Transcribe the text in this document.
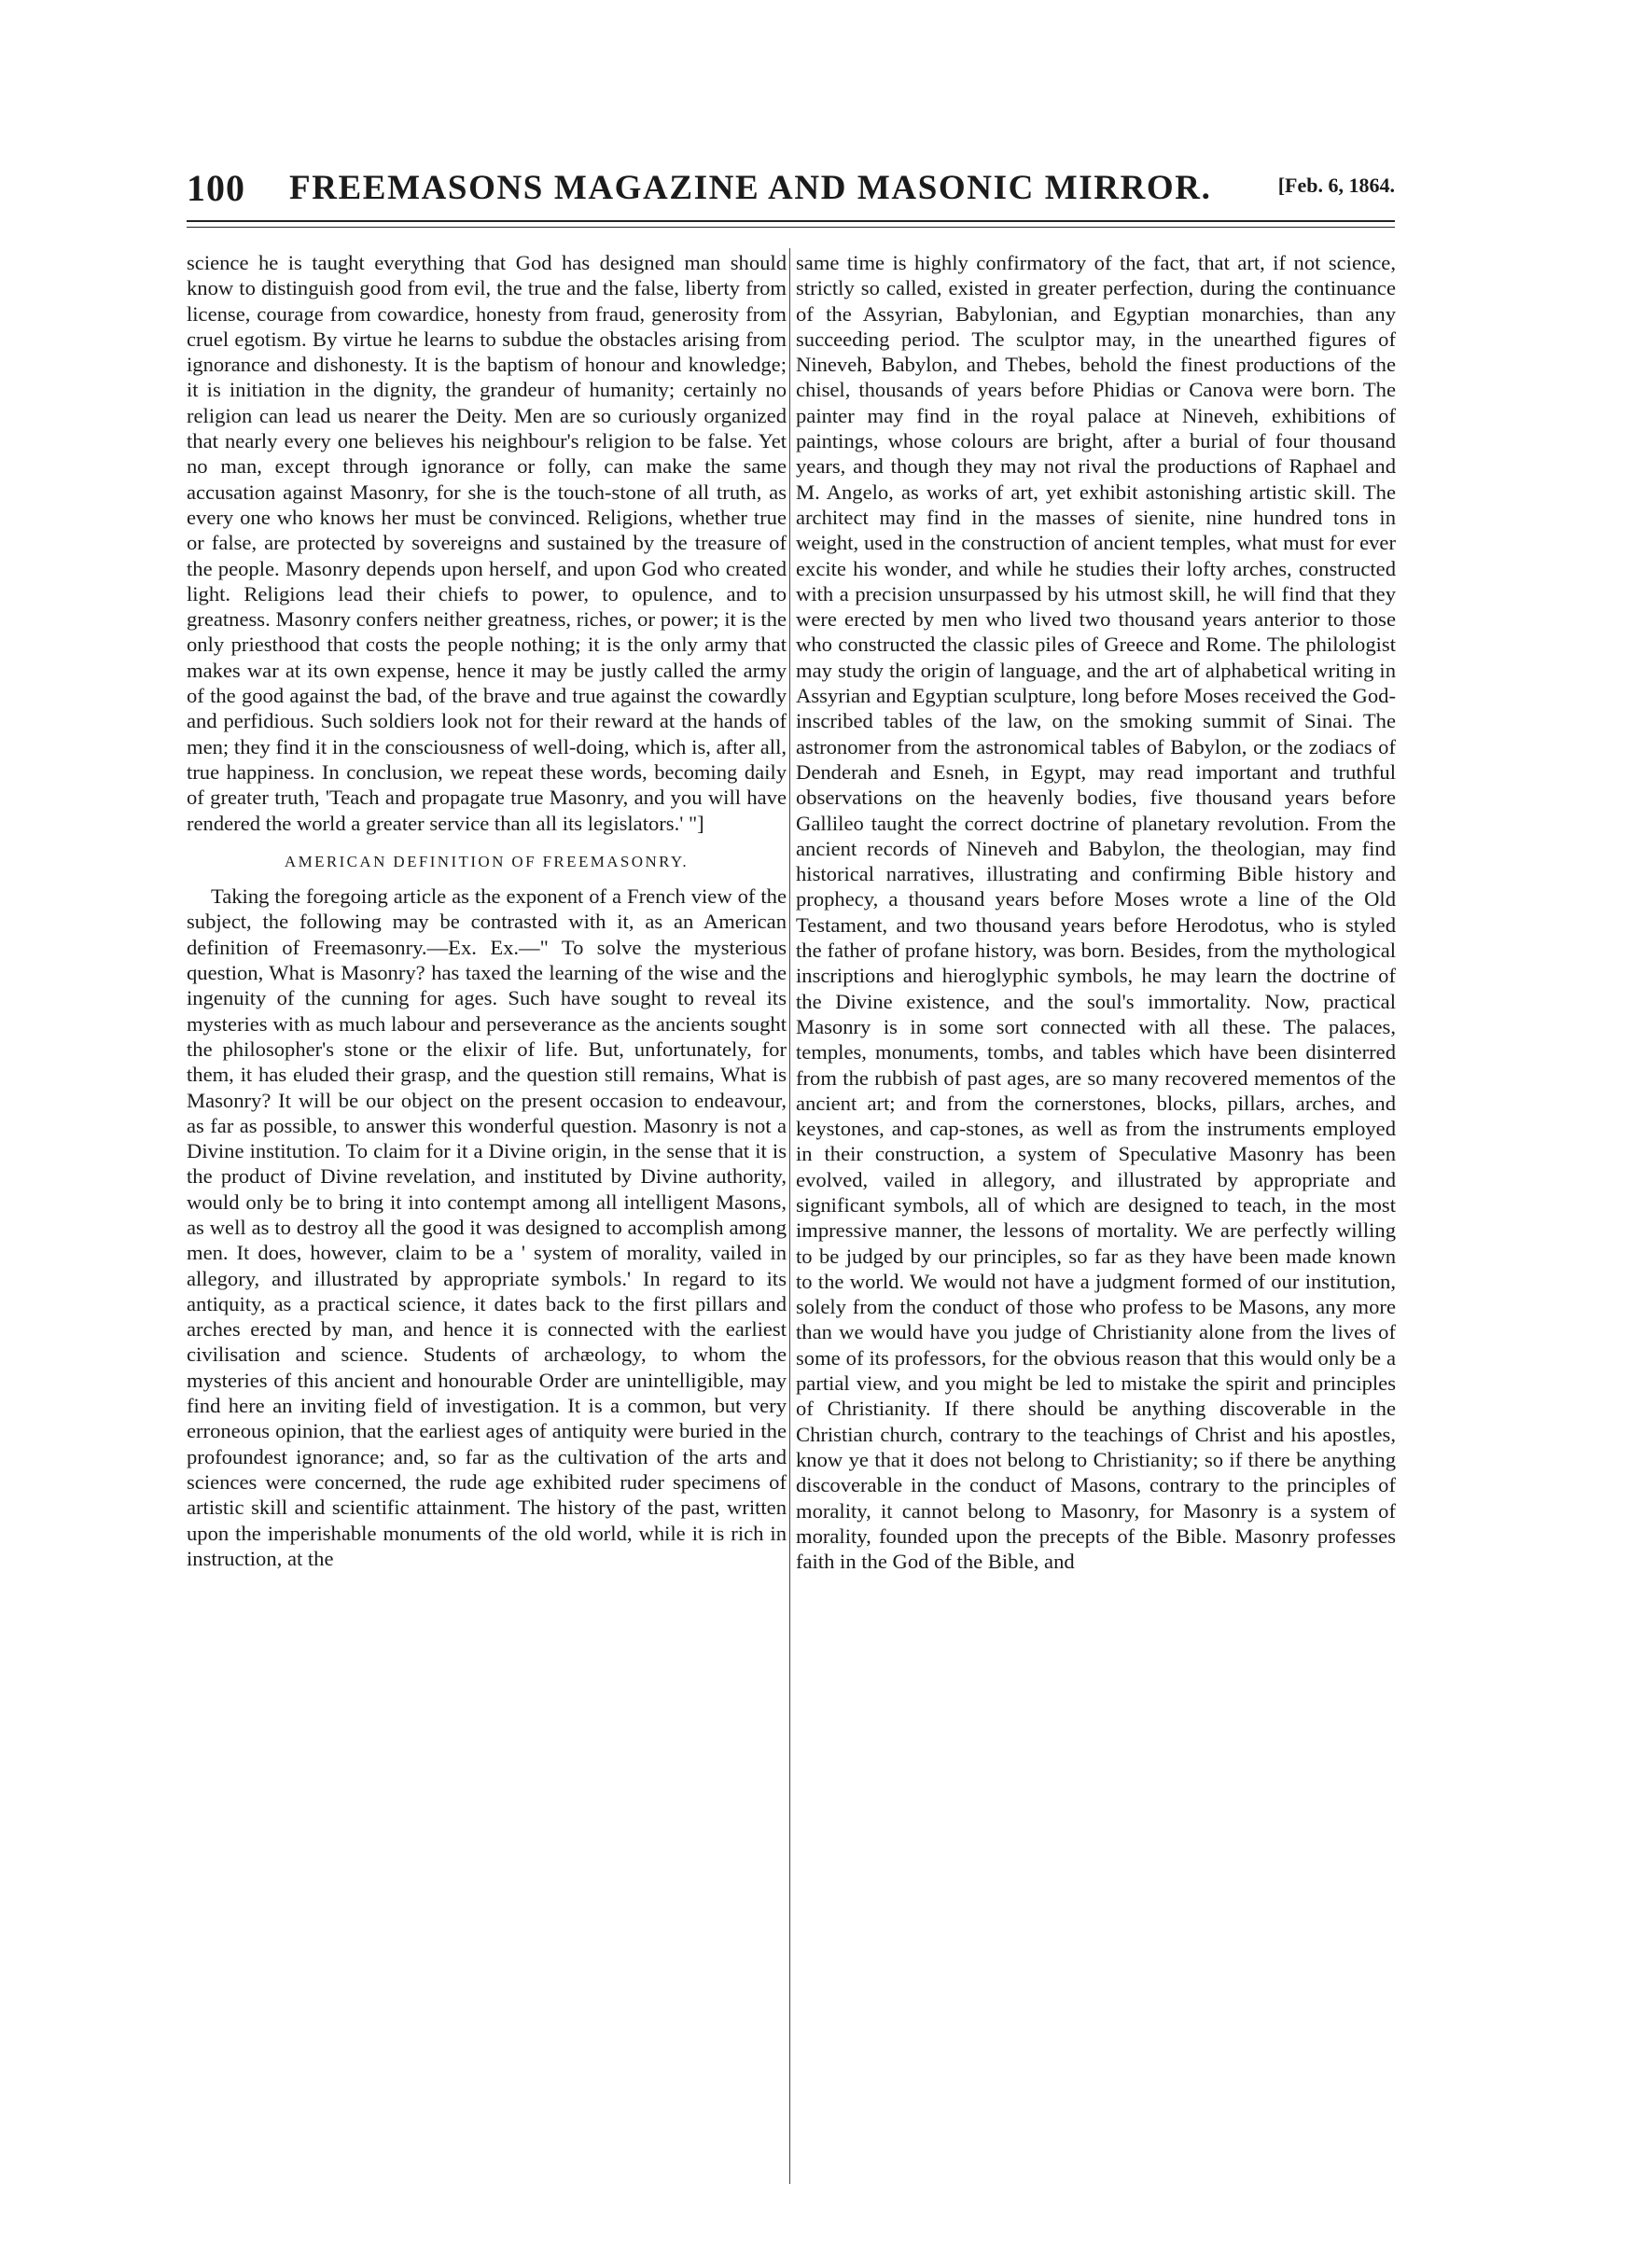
100 FREEMASONS MAGAZINE AND MASONIC MIRROR.	[Feb. 6, 1864.

science he is taught everything that God has designed man should know to distinguish good from evil, the true and the false, liberty from license, courage from cowardice, honesty from fraud, generosity from cruel egotism. By virtue he learns to subdue the obstacles arising from ignorance and dishonesty. It is the baptism of honour and knowledge; it is initiation in the dignity, the grandeur of humanity; certainly no religion can lead us nearer the Deity. Men are so curiously organized that nearly every one believes his neighbour's religion to be false. Yet no man, except through ignorance or folly, can make the same accusation against Masonry, for she is the touch-stone of all truth, as every one who knows her must be convinced. Religions, whether true or false, are protected by sovereigns and sustained by the treasure of the people. Masonry depends upon herself, and upon God who created light. Religions lead their chiefs to power, to opulence, and to greatness. Masonry confers neither greatness, riches, or power; it is the only priesthood that costs the people nothing; it is the only army that makes war at its own expense, hence it may be justly called the army of the good against the bad, of the brave and true against the cowardly and perfidious. Such soldiers look not for their reward at the hands of men; they find it in the consciousness of well-doing, which is, after all, true happiness. In conclusion, we repeat these words, becoming daily of greater truth, 'Teach and propagate true Masonry, and you will have rendered the world a greater service than all its legislators.' "]

AMERICAN DEFINITION OF FREEMASONRY.

Taking the foregoing article as the exponent of a French view of the subject, the following may be contrasted with it, as an American definition of Freemasonry.—Ex. Ex.—" To solve the mysterious question, What is Masonry? has taxed the learning of the wise and the ingenuity of the cunning for ages. Such have sought to reveal its mysteries with as much labour and perseverance as the ancients sought the philosopher's stone or the elixir of life. But, unfortunately, for them, it has eluded their grasp, and the question still remains, What is Masonry? It will be our object on the present occasion to endeavour, as far as possible, to answer this wonderful question. Masonry is not a Divine institution. To claim for it a Divine origin, in the sense that it is the product of Divine revelation, and instituted by Divine authority, would only be to bring it into contempt among all intelligent Masons, as well as to destroy all the good it was designed to accomplish among men. It does, however, claim to be a ' system of morality, vailed in allegory, and illustrated by appropriate symbols.' In regard to its antiquity, as a practical science, it dates back to the first pillars and arches erected by man, and hence it is connected with the earliest civilisation and science. Students of archæology, to whom the mysteries of this ancient and honourable Order are unintelligible, may find here an inviting field of investigation. It is a common, but very erroneous opinion, that the earliest ages of antiquity were buried in the profoundest ignorance; and, so far as the cultivation of the arts and sciences were concerned, the rude age exhibited ruder specimens of artistic skill and scientific attainment. The history of the past, written upon the imperishable monuments of the old world, while it is rich in instruction, at the

same time is highly confirmatory of the fact, that art, if not science, strictly so called, existed in greater perfection, during the continuance of the Assyrian, Babylonian, and Egyptian monarchies, than any succeeding period. The sculptor may, in the unearthed figures of Nineveh, Babylon, and Thebes, behold the finest productions of the chisel, thousands of years before Phidias or Canova were born. The painter may find in the royal palace at Nineveh, exhibitions of paintings, whose colours are bright, after a burial of four thousand years, and though they may not rival the productions of Raphael and M. Angelo, as works of art, yet exhibit astonishing artistic skill. The architect may find in the masses of sienite, nine hundred tons in weight, used in the construction of ancient temples, what must for ever excite his wonder, and while he studies their lofty arches, constructed with a precision unsurpassed by his utmost skill, he will find that they were erected by men who lived two thousand years anterior to those who constructed the classic piles of Greece and Rome. The philologist may study the origin of language, and the art of alphabetical writing in Assyrian and Egyptian sculpture, long before Moses received the God-inscribed tables of the law, on the smoking summit of Sinai. The astronomer from the astronomical tables of Babylon, or the zodiacs of Denderah and Esneh, in Egypt, may read important and truthful observations on the heavenly bodies, five thousand years before Gallileo taught the correct doctrine of planetary revolution. From the ancient records of Nineveh and Babylon, the theologian, may find historical narratives, illustrating and confirming Bible history and prophecy, a thousand years before Moses wrote a line of the Old Testament, and two thousand years before Herodotus, who is styled the father of profane history, was born. Besides, from the mythological inscriptions and hieroglyphic symbols, he may learn the doctrine of the Divine existence, and the soul's immortality. Now, practical Masonry is in some sort connected with all these. The palaces, temples, monuments, tombs, and tables which have been disinterred from the rubbish of past ages, are so many recovered mementos of the ancient art; and from the cornerstones, blocks, pillars, arches, and keystones, and cap-stones, as well as from the instruments employed in their construction, a system of Speculative Masonry has been evolved, vailed in allegory, and illustrated by appropriate and significant symbols, all of which are designed to teach, in the most impressive manner, the lessons of mortality. We are perfectly willing to be judged by our principles, so far as they have been made known to the world. We would not have a judgment formed of our institution, solely from the conduct of those who profess to be Masons, any more than we would have you judge of Christianity alone from the lives of some of its professors, for the obvious reason that this would only be a partial view, and you might be led to mistake the spirit and principles of Christianity. If there should be anything discoverable in the Christian church, contrary to the teachings of Christ and his apostles, know ye that it does not belong to Christianity; so if there be anything discoverable in the conduct of Masons, contrary to the principles of morality, it cannot belong to Masonry, for Masonry is a system of morality, founded upon the precepts of the Bible. Masonry professes faith in the God of the Bible, and
